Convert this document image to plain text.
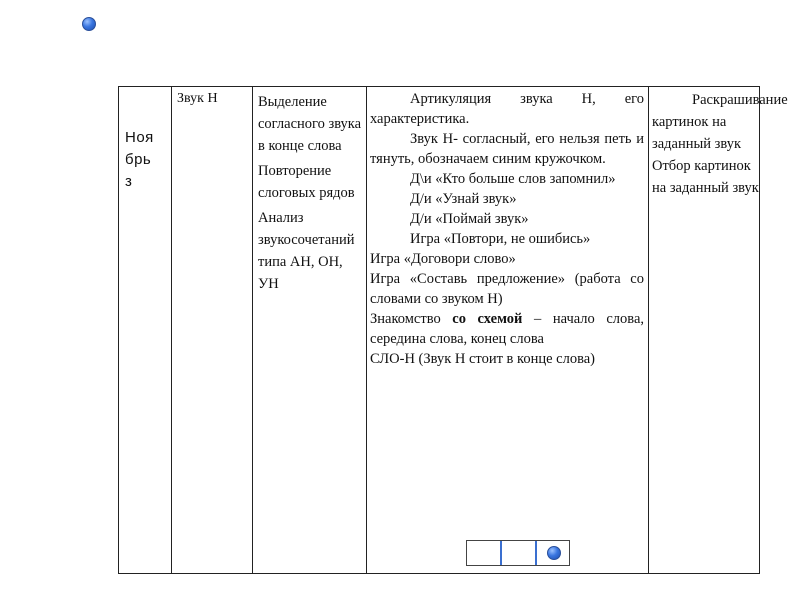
Ноя
брь
з
Звук Н	Выделение согласного звука в конце слова

Повторение слоговых рядов

Анализ звукосочетаний типа АН, ОН, УН

Артикуляция звука Н, его характеристика.

Звук Н- согласный, его нельзя петь и тянуть, обозначаем синим кружочком.

Д\и «Кто больше слов запомнил»

Д/и «Узнай звук»

Д/и «Поймай звук»

Игра «Повтори, не ошибись»

Игра «Договори слово»

Игра «Составь предложение» (работа со словами со звуком Н)

Знакомство со схемой – начало слова, середина слова, конец слова

СЛО-Н (Звук Н стоит в конце слова)

Раскрашивание картинок на заданный звук

Отбор картинок на заданный звук
